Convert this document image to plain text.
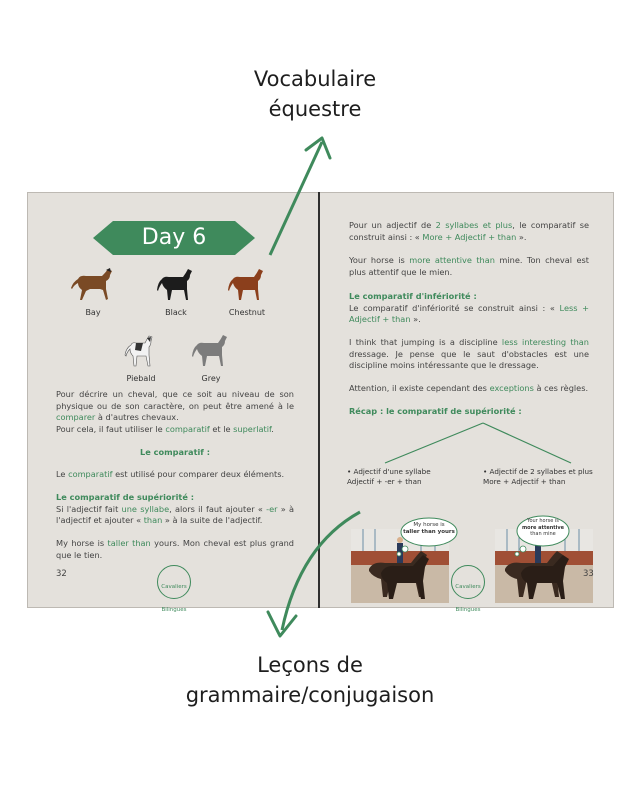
Vocabulaire
équestre
Leçons de
grammaire/conjugaison
Day 6
Bay	Black	Chestnut
Piebald	Grey
Pour décrire un cheval, que ce soit au niveau de son physique ou de son caractère, on peut être amené à le comparer à d'autres chevaux.
Pour cela, il faut utiliser le comparatif et le superlatif.
Le comparatif :
Le comparatif est utilisé pour comparer deux éléments.
Le comparatif de supériorité :
Si l'adjectif fait une syllabe, alors il faut ajouter « -er » à l'adjectif et ajouter « than » à la suite de l'adjectif.
My horse is taller than yours. Mon cheval est plus grand que le tien.
32
Cavaliers

Bilingues
Pour un adjectif de 2 syllabes et plus, le comparatif se construit ainsi : « More + Adjectif + than ».
Your horse is more attentive than mine. Ton cheval est plus attentif que le mien.
Le comparatif d'infériorité :
Le comparatif d'infériorité se construit ainsi : « Less + Adjectif + than ».
I think that jumping is a discipline less interesting than dressage. Je pense que le saut d'obstacles est une discipline moins intéressante que le dressage.
Attention, il existe cependant des exceptions à ces règles.
Récap : le comparatif de supériorité :
• Adjectif d'une syllabe
Adjectif + -er + than
• Adjectif de 2 syllabes et plus
More + Adjectif + than
My horse is
taller than yours
Your horse is
more attentive
than mine
Cavaliers

Bilingues
33
